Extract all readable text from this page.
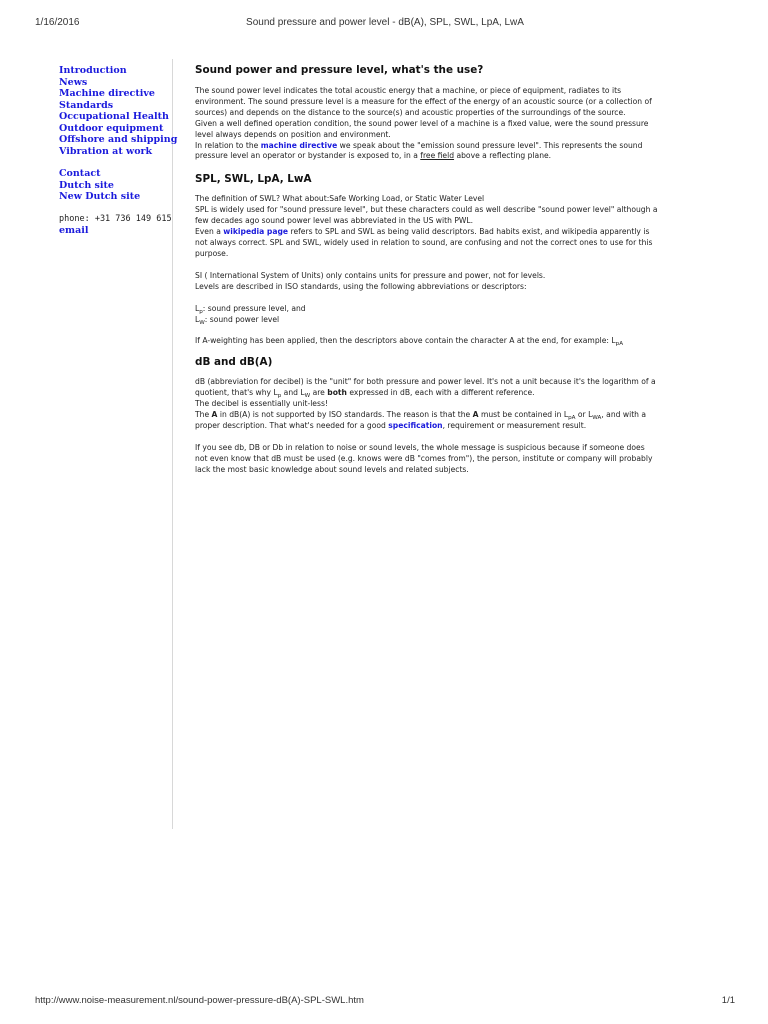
1/16/2016	Sound pressure and power level - dB(A), SPL, SWL, LpA, LwA
Introduction
News
Machine directive
Standards
Occupational Health
Outdoor equipment
Offshore and shipping
Vibration at work
Contact
Dutch site
New Dutch site
phone: +31 736 149 615
email
Sound power and pressure level, what's the use?

The sound power level indicates the total acoustic energy that a machine, or piece of equipment, radiates to its
environment. The sound pressure level is a measure for the effect of the energy of an acoustic source (or a collection of
sources) and depends on the distance to the source(s) and acoustic properties of the surroundings of the source.
Given a well defined operation condition, the sound power level of a machine is a fixed value, were the sound pressure
level always depends on position and environment.
In relation to the machine directive we speak about the "emission sound pressure level". This represents the sound
pressure level an operator or bystander is exposed to, in a free field above a reflecting plane.

SPL, SWL, LpA, LwA

The definition of SWL? What about:Safe Working Load, or Static Water Level
SPL is widely used for "sound pressure level", but these characters could as well describe "sound power level" although a
few decades ago sound power level was abbreviated in the US with PWL.
Even a wikipedia page refers to SPL and SWL as being valid descriptors. Bad habits exist, and wikipedia apparently is
not always correct. SPL and SWL, widely used in relation to sound, are confusing and not the correct ones to use for this
purpose.

SI ( International System of Units) only contains units for pressure and power, not for levels.
Levels are described in ISO standards, using the following abbreviations or descriptors:

$L_p$: sound pressure level, and
$L_W$: sound power level

If A-weighting has been applied, then the descriptors above contain the character A at the end, for example: $L_{pA}$

dB and dB(A)

dB (abbreviation for decibel) is the "unit" for both pressure and power level. It's not a unit because it's the logarithm of a
quotient, that's why $L_p$ and $L_W$ are both expressed in dB, each with a different reference.
The decibel is essentially unit-less!
The A in dB(A) is not supported by ISO standards. The reason is that the A must be contained in $L_{pA}$ or $L_{WA}$, and with a
proper description. That what's needed for a good specification, requirement or measurement result.

If you see db, DB or Db in relation to noise or sound levels, the whole message is suspicious because if someone does
not even know that dB must be used (e.g. knows were dB "comes from"), the person, institute or company will probably
lack the most basic knowledge about sound levels and related subjects.

http://www.noise-measurement.nl/sound-power-pressure-dB(A)-SPL-SWL.htm	1/1
